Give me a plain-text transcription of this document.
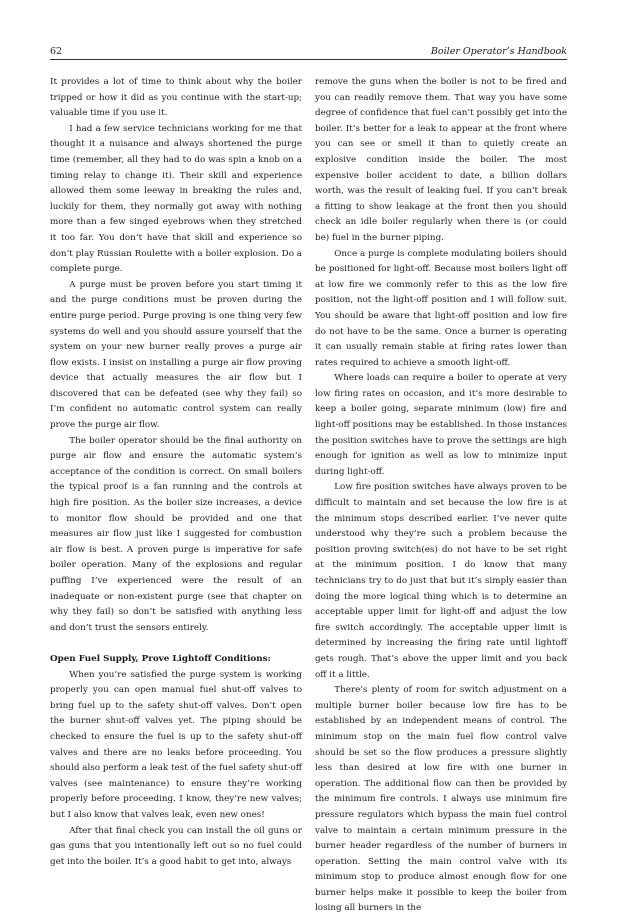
62	Boiler Operator’s Handbook

It provides a lot of time to think about why the boiler tripped or how it did as you continue with the start-up; valuable time if you use it.

I had a few service technicians working for me that thought it a nuisance and always shortened the purge time (remember, all they had to do was spin a knob on a timing relay to change it). Their skill and experience allowed them some leeway in breaking the rules and, luckily for them, they normally got away with nothing more than a few singed eyebrows when they stretched it too far. You don’t have that skill and experience so don’t play Russian Roulette with a boiler explosion. Do a complete purge.

A purge must be proven before you start timing it and the purge conditions must be proven during the entire purge period. Purge proving is one thing very few systems do well and you should assure yourself that the system on your new burner really proves a purge air flow exists. I insist on installing a purge air flow proving device that actually measures the air flow but I discovered that can be defeated (see why they fail) so I’m confident no automatic control system can really prove the purge air flow.

The boiler operator should be the final authority on purge air flow and ensure the automatic system’s acceptance of the condition is correct. On small boilers the typical proof is a fan running and the controls at high fire position. As the boiler size increases, a device to monitor flow should be provided and one that measures air flow just like I suggested for combustion air flow is best. A proven purge is imperative for safe boiler operation. Many of the explosions and regular puffing I’ve experienced were the result of an inadequate or non-existent purge (see that chapter on why they fail) so don’t be satisfied with anything less and don’t trust the sensors entirely.

Open Fuel Supply, Prove Lightoff Conditions:

When you’re satisfied the purge system is working properly you can open manual fuel shut-off valves to bring fuel up to the safety shut-off valves. Don’t open the burner shut-off valves yet. The piping should be checked to ensure the fuel is up to the safety shut-off valves and there are no leaks before proceeding. You should also perform a leak test of the fuel safety shut-off valves (see maintenance) to ensure they’re working properly before proceeding. I know, they’re new valves; but I also know that valves leak, even new ones!

After that final check you can install the oil guns or gas guns that you intentionally left out so no fuel could get into the boiler. It’s a good habit to get into, always

remove the guns when the boiler is not to be fired and you can readily remove them. That way you have some degree of confidence that fuel can’t possibly get into the boiler. It’s better for a leak to appear at the front where you can see or smell it than to quietly create an explosive condition inside the boiler. The most expensive boiler accident to date, a billion dollars worth, was the result of leaking fuel. If you can’t break a fitting to show leakage at the front then you should check an idle boiler regularly when there is (or could be) fuel in the burner piping.

Once a purge is complete modulating boilers should be positioned for light-off. Because most boilers light off at low fire we commonly refer to this as the low fire position, not the light-off position and I will follow suit. You should be aware that light-off position and low fire do not have to be the same. Once a burner is operating it can usually remain stable at firing rates lower than rates required to achieve a smooth light-off.

Where loads can require a boiler to operate at very low firing rates on occasion, and it’s more desirable to keep a boiler going, separate minimum (low) fire and light-off positions may be established. In those instances the position switches have to prove the settings are high enough for ignition as well as low to minimize input during light-off.

Low fire position switches have always proven to be difficult to maintain and set because the low fire is at the minimum stops described earlier. I’ve never quite understood why they’re such a problem because the position proving switch(es) do not have to be set right at the minimum position. I do know that many technicians try to do just that but it’s simply easier than doing the more logical thing which is to determine an acceptable upper limit for light-off and adjust the low fire switch accordingly. The acceptable upper limit is determined by increasing the firing rate until lightoff gets rough. That’s above the upper limit and you back off it a little.

There’s plenty of room for switch adjustment on a multiple burner boiler because low fire has to be established by an independent means of control. The minimum stop on the main fuel flow control valve should be set so the flow produces a pressure slightly less than desired at low fire with one burner in operation. The additional flow can then be provided by the minimum fire controls. I always use minimum fire pressure regulators which bypass the main fuel control valve to maintain a certain minimum pressure in the burner header regardless of the number of burners in operation. Setting the main control valve with its minimum stop to produce almost enough flow for one burner helps make it possible to keep the boiler from losing all burners in the
